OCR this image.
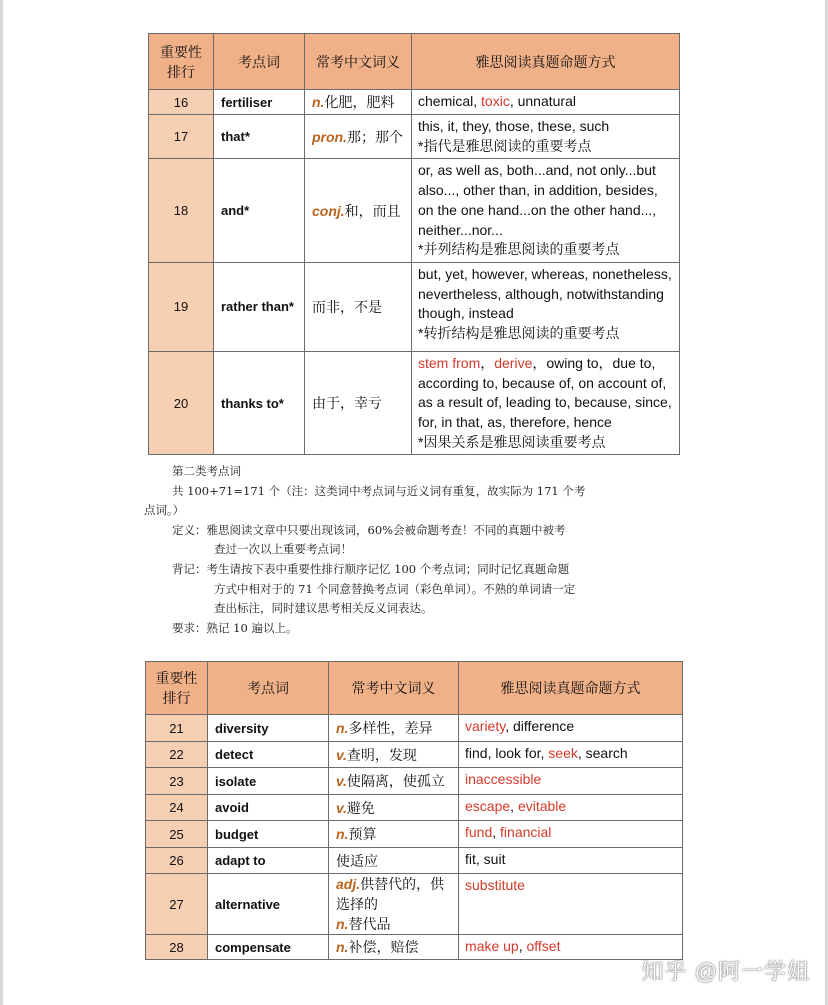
重要性排行	考点词	常考中文词义	雅思阅读真题命题方式
16	fertiliser	n.化肥，肥料	chemical, toxic, unnatural

17	that*	pron.那；那个	this, it, they, those, these, such
*指代是雅思阅读的重要考点

18	and*	conj.和，而且	or, as well as, both...and, not only...but
also..., other than, in addition, besides,
on the one hand...on the other hand...,
neither...nor...
*并列结构是雅思阅读的重要考点

19	rather than*	而非，不是	but, yet, however, whereas, nonetheless,
nevertheless, although, notwithstanding
though, instead
*转折结构是雅思阅读的重要考点

20	thanks to*	由于，幸亏	stem from，derive，owing to，due to,
according to, because of, on account of,
as a result of, leading to, because, since,
for, in that, as, therefore, hence
*因果关系是雅思阅读重要考点
第二类考点词
共 100+71=171 个（注：这类词中考点词与近义词有重复，故实际为 171 个考
点词。）
定义：雅思阅读文章中只要出现该词，60%会被命题考查！不同的真题中被考
查过一次以上重要考点词！
背记：考生请按下表中重要性排行顺序记忆 100 个考点词；同时记忆真题命题
方式中相对于的 71 个同意替换考点词（彩色单词）。不熟的单词请一定
查出标注，同时建议思考相关反义词表达。
要求：熟记 10 遍以上。
重要性排行	考点词	常考中文词义	雅思阅读真题命题方式
21	diversity	n.多样性，差异	variety, difference

22	detect	v.查明，发现	find, look for, seek, search

23	isolate	v.使隔离，使孤立	inaccessible

24	avoid	v.避免	escape, evitable

25	budget	n.预算	fund, financial

26	adapt to	使适应	fit, suit

27	alternative	adj.供替代的，供
选择的
n.替代品	substitute

28	compensate	n.补偿，赔偿	make up, offset
知乎 @阿一学姐
